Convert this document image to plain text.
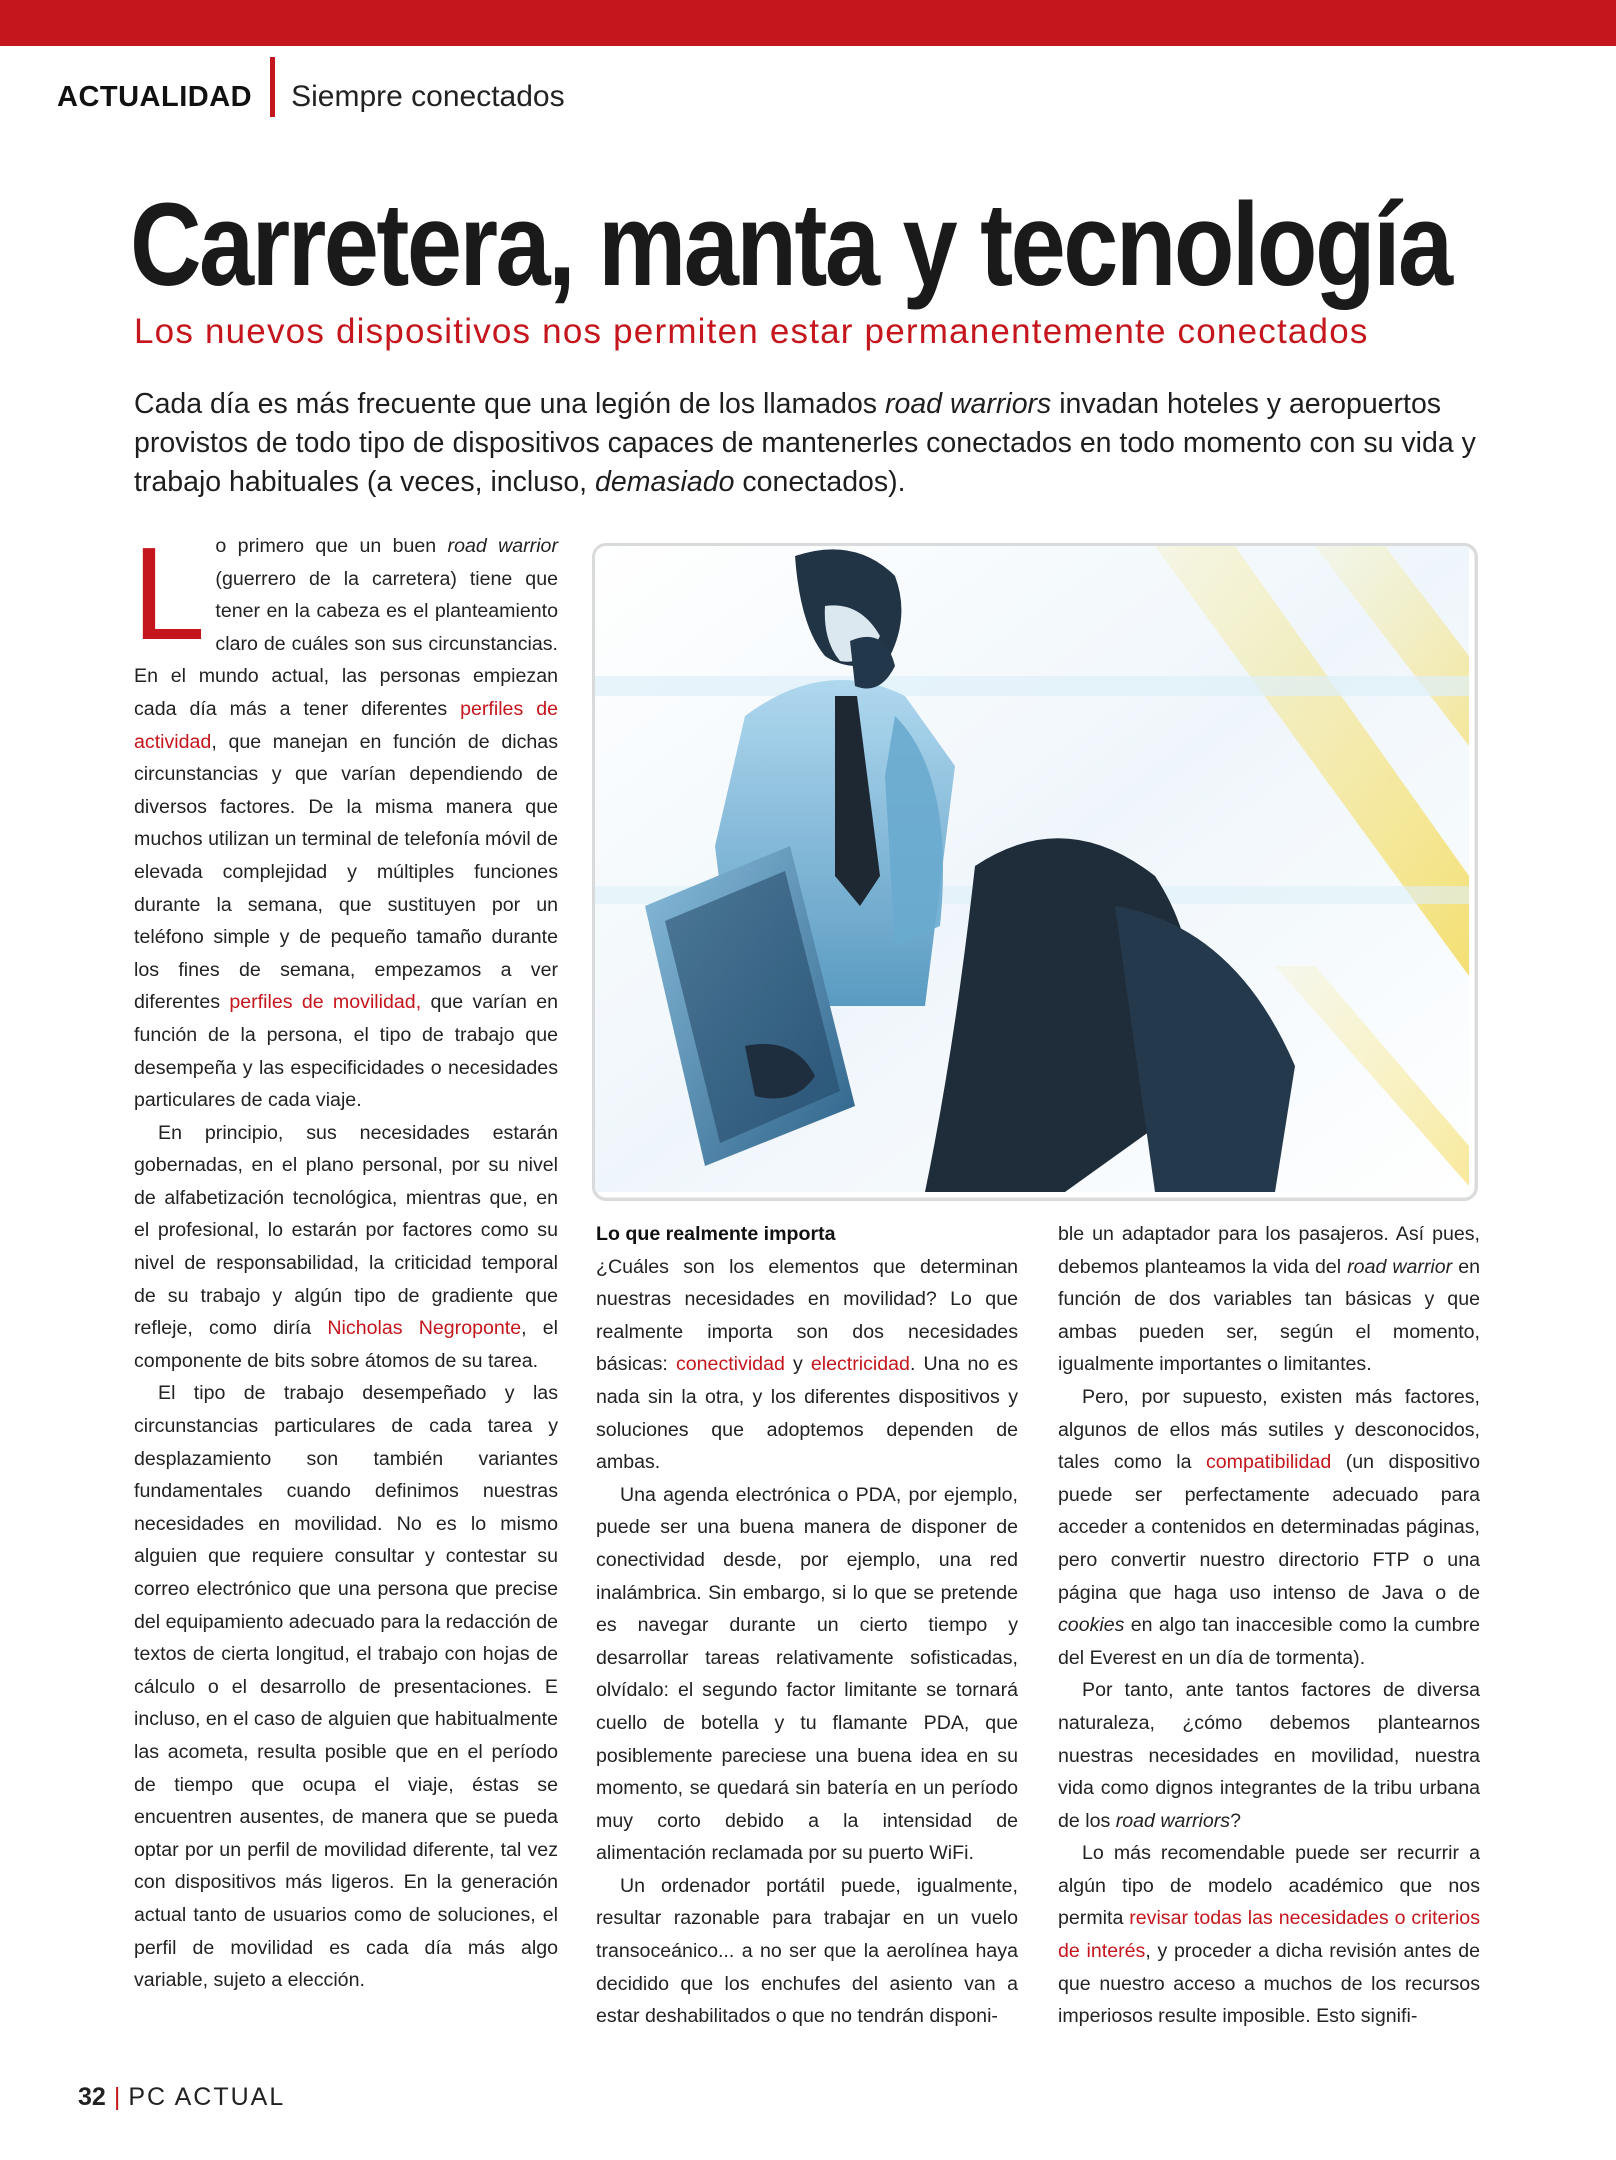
ACTUALIDAD Siempre conectados
Carretera, manta y tecnología
Los nuevos dispositivos nos permiten estar permanentemente conectados
Cada día es más frecuente que una legión de los llamados road warriors invadan hoteles y aeropuertos provistos de todo tipo de dispositivos capaces de mantenerles conectados en todo momento con su vida y trabajo habituales (a veces, incluso, demasiado conectados).

Lo primero que un buen road warrior (guerrero de la carretera) tiene que tener en la cabeza es el planteamiento claro de cuáles son sus circunstancias. En el mundo actual, las personas empiezan cada día más a tener diferentes perfiles de actividad, que manejan en función de dichas circunstancias y que varían dependiendo de diversos factores. De la misma manera que muchos utilizan un terminal de telefonía móvil de elevada complejidad y múltiples funciones durante la semana, que sustituyen por un teléfono simple y de pequeño tamaño durante los fines de semana, empezamos a ver diferentes perfiles de movilidad, que varían en función de la persona, el tipo de trabajo que desempeña y las especificidades o necesidades particulares de cada viaje.

En principio, sus necesidades estarán gobernadas, en el plano personal, por su nivel de alfabetización tecnológica, mientras que, en el profesional, lo estarán por factores como su nivel de responsabilidad, la criticidad temporal de su trabajo y algún tipo de gradiente que refleje, como diría Nicholas Negroponte, el componente de bits sobre átomos de su tarea.

El tipo de trabajo desempeñado y las circunstancias particulares de cada tarea y desplazamiento son también variantes fundamentales cuando definimos nuestras necesidades en movilidad. No es lo mismo alguien que requiere consultar y contestar su correo electrónico que una persona que precise del equipamiento adecuado para la redacción de textos de cierta longitud, el trabajo con hojas de cálculo o el desarrollo de presentaciones. E incluso, en el caso de alguien que habitualmente las acometa, resulta posible que en el período de tiempo que ocupa el viaje, éstas se encuentren ausentes, de manera que se pueda optar por un perfil de movilidad diferente, tal vez con dispositivos más ligeros. En la generación actual tanto de usuarios como de soluciones, el perfil de movilidad es cada día más algo variable, sujeto a elección.

Lo que realmente importa

¿Cuáles son los elementos que determinan nuestras necesidades en movilidad? Lo que realmente importa son dos necesidades básicas: conectividad y electricidad. Una no es nada sin la otra, y los diferentes dispositivos y soluciones que adoptemos dependen de ambas.

Una agenda electrónica o PDA, por ejemplo, puede ser una buena manera de disponer de conectividad desde, por ejemplo, una red inalámbrica. Sin embargo, si lo que se pretende es navegar durante un cierto tiempo y desarrollar tareas relativamente sofisticadas, olvídalo: el segundo factor limitante se tornará cuello de botella y tu flamante PDA, que posiblemente pareciese una buena idea en su momento, se quedará sin batería en un período muy corto debido a la intensidad de alimentación reclamada por su puerto WiFi.

Un ordenador portátil puede, igualmente, resultar razonable para trabajar en un vuelo transoceánico... a no ser que la aerolínea haya decidido que los enchufes del asiento van a estar deshabilitados o que no tendrán disponi-

ble un adaptador para los pasajeros. Así pues, debemos planteamos la vida del road warrior en función de dos variables tan básicas y que ambas pueden ser, según el momento, igualmente importantes o limitantes.

Pero, por supuesto, existen más factores, algunos de ellos más sutiles y desconocidos, tales como la compatibilidad (un dispositivo puede ser perfectamente adecuado para acceder a contenidos en determinadas páginas, pero convertir nuestro directorio FTP o una página que haga uso intenso de Java o de cookies en algo tan inaccesible como la cumbre del Everest en un día de tormenta).

Por tanto, ante tantos factores de diversa naturaleza, ¿cómo debemos plantearnos nuestras necesidades en movilidad, nuestra vida como dignos integrantes de la tribu urbana de los road warriors?

Lo más recomendable puede ser recurrir a algún tipo de modelo académico que nos permita revisar todas las necesidades o criterios de interés, y proceder a dicha revisión antes de que nuestro acceso a muchos de los recursos imperiosos resulte imposible. Esto signifi-

32 | PC ACTUAL
